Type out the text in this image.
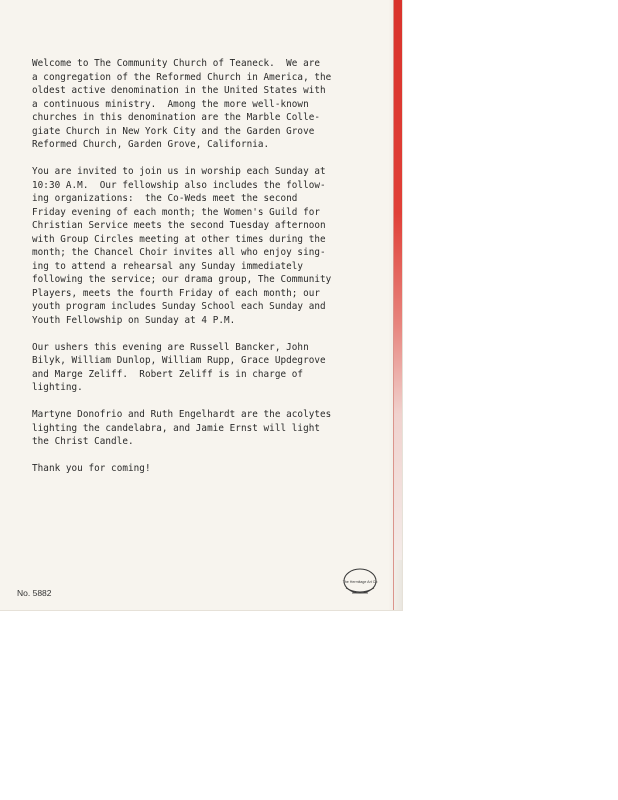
Welcome to The Community Church of Teaneck.  We are
a congregation of the Reformed Church in America, the
oldest active denomination in the United States with
a continuous ministry.  Among the more well-known
churches in this denomination are the Marble Colle-
giate Church in New York City and the Garden Grove
Reformed Church, Garden Grove, California.
You are invited to join us in worship each Sunday at
10:30 A.M.  Our fellowship also includes the follow-
ing organizations:  the Co-Weds meet the second
Friday evening of each month; the Women's Guild for
Christian Service meets the second Tuesday afternoon
with Group Circles meeting at other times during the
month; the Chancel Choir invites all who enjoy sing-
ing to attend a rehearsal any Sunday immediately
following the service; our drama group, The Community
Players, meets the fourth Friday of each month; our
youth program includes Sunday School each Sunday and
Youth Fellowship on Sunday at 4 P.M.
Our ushers this evening are Russell Bancker, John
Bilyk, William Dunlop, William Rupp, Grace Updegrove
and Marge Zeliff.  Robert Zeliff is in charge of
lighting.
Martyne Donofrio and Ruth Engelhardt are the acolytes
lighting the candelabra, and Jamie Ernst will light
the Christ Candle.
Thank you for coming!
No. 5882
The Hermitage Art Co
